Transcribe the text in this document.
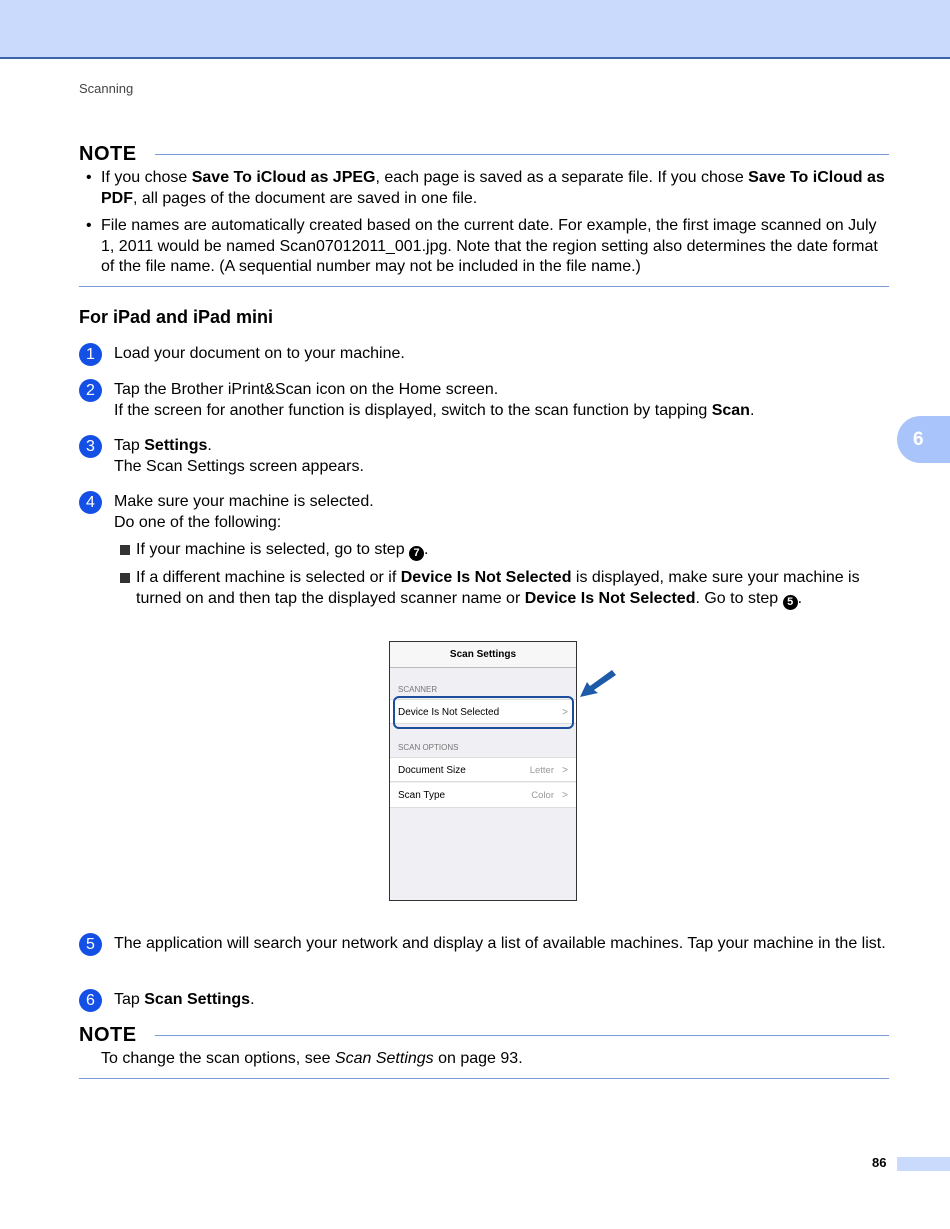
Scanning
NOTE
• If you chose Save To iCloud as JPEG, each page is saved as a separate file. If you chose Save To iCloud as PDF, all pages of the document are saved in one file.
• File names are automatically created based on the current date. For example, the first image scanned on July 1, 2011 would be named Scan07012011_001.jpg. Note that the region setting also determines the date format of the file name. (A sequential number may not be included in the file name.)
For iPad and iPad mini
1	Load your document on to your machine.
2	Tap the Brother iPrint&Scan icon on the Home screen.
If the screen for another function is displayed, switch to the scan function by tapping Scan.
3	Tap Settings.
The Scan Settings screen appears.
4	Make sure your machine is selected.
Do one of the following:
If your machine is selected, go to step 7 .
If a different machine is selected or if Device Is Not Selected is displayed, make sure your machine is turned on and then tap the displayed scanner name or Device Is Not Selected. Go to step 5 .
Scan Settings
SCANNER
Device Is Not Selected	>
SCAN OPTIONS
Document Size	Letter >
Scan Type	Color >
5	The application will search your network and display a list of available machines. Tap your machine in the list.
6	Tap Scan Settings.
NOTE
To change the scan options, see Scan Settings on page 93.
6
86
